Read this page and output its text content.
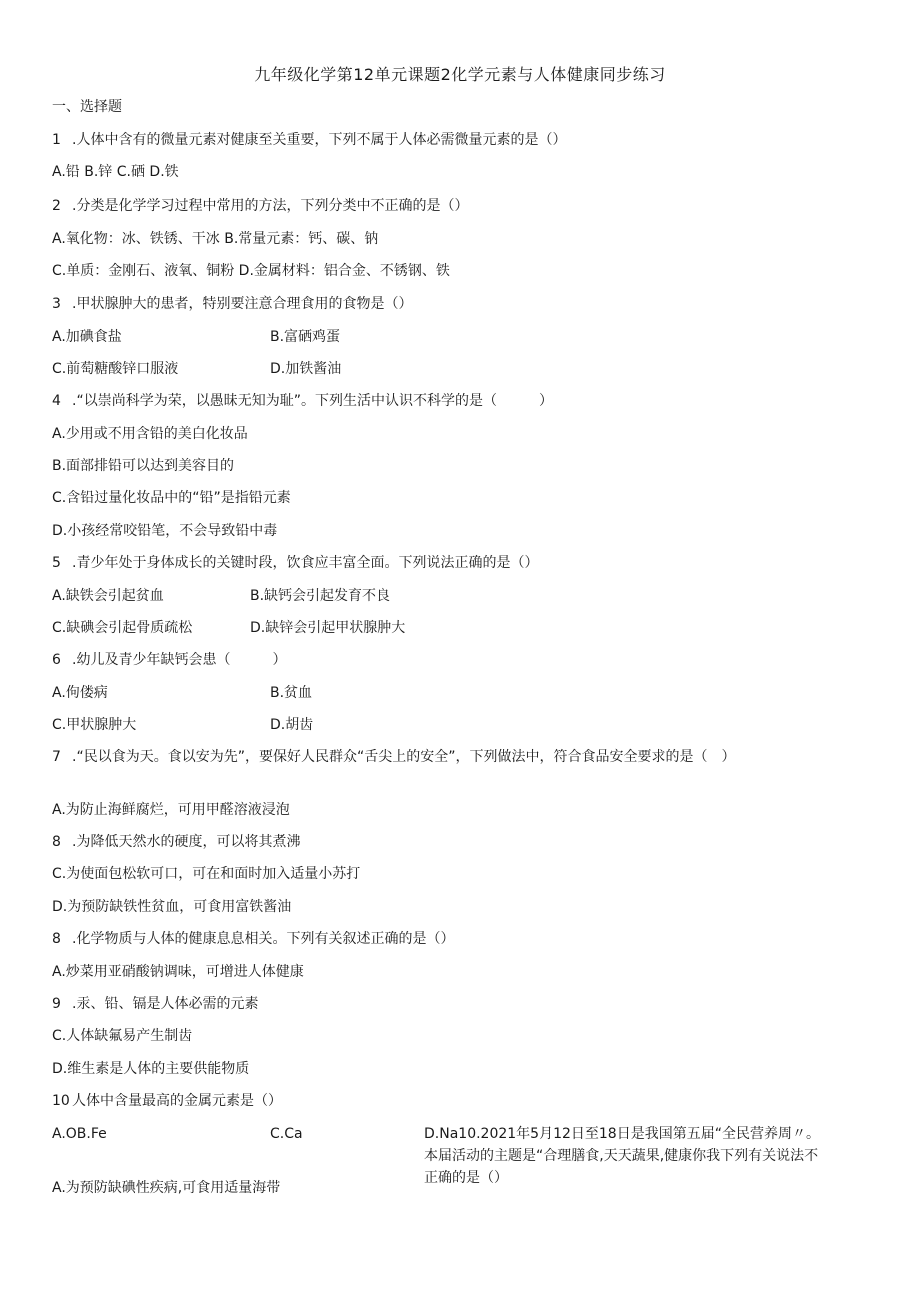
九年级化学第12单元课题2化学元素与人体健康同步练习
一、选择题
1 .人体中含有的微量元素对健康至关重要，下列不属于人体必需微量元素的是（）
A.铅 B.锌 C.硒 D.铁
2 .分类是化学学习过程中常用的方法，下列分类中不正确的是（）
A.氧化物：冰、铁锈、干冰 B.常量元素：钙、碳、钠
C.单质：金刚石、液氧、铜粉 D.金属材料：铝合金、不锈钢、铁
3 .甲状腺肿大的患者，特别要注意合理食用的食物是（）
A.加碘食盐	B.富硒鸡蛋
C.前萄糖酸锌口服液	D.加铁酱油
4 .“以崇尚科学为荣，以愚昧无知为耻”。下列生活中认识不科学的是（　　　）
A.少用或不用含铅的美白化妆品
B.面部排铅可以达到美容目的
C.含铅过量化妆品中的“铅”是指铅元素
D.小孩经常咬铅笔，不会导致铅中毒
5 .青少年处于身体成长的关键时段，饮食应丰富全面。下列说法正确的是（）
A.缺铁会引起贫血	B.缺钙会引起发育不良
C.缺碘会引起骨质疏松	D.缺锌会引起甲状腺肿大
6 .幼儿及青少年缺钙会患（　　　）
A.佝偻病	B.贫血
C.甲状腺肿大	D.胡齿
7 .“民以食为天。食以安为先”，要保好人民群众“舌尖上的安全”，下列做法中，符合食品安全要求的是（　）
A.为防止海鲜腐烂，可用甲醛溶液浸泡
8 .为降低天然水的硬度，可以将其煮沸
C.为使面包松软可口，可在和面时加入适量小苏打
D.为预防缺铁性贫血，可食用富铁酱油
8 .化学物质与人体的健康息息相关。下列有关叙述正确的是（）
A.炒菜用亚硝酸钠调味，可增进人体健康
9 .汞、铅、镉是人体必需的元素
C.人体缺氟易产生制齿
D.维生素是人体的主要供能物质
10 人体中含量最高的金属元素是（）
A.OB.Fe	C.Ca	D.Na10.2021年5月12日至18日是我国第五届“全民营养周〃。本届活动的主题是“合理膳食,天天蔬果,健康你我下列有关说法不正确的是（）
A.为预防缺碘性疾病,可食用适量海带
